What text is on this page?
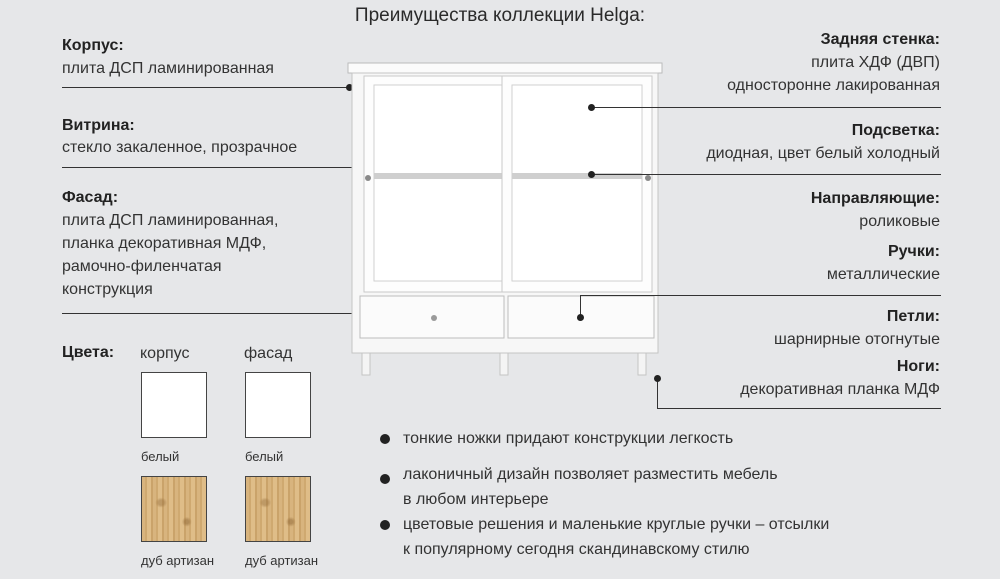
Преимущества коллекции Helga:
Корпус:
плита ДСП ламинированная
Витрина:
стекло закаленное, прозрачное
Фасад:
плита ДСП ламинированная,
планка декоративная МДФ,
рамочно-филенчатая
конструкция
Задняя стенка:
плита ХДФ (ДВП)
односторонне лакированная
Подсветка:
диодная, цвет белый холодный
Направляющие:
роликовые
Ручки:
металлические
Петли:
шарнирные отогнутые
Ноги:
декоративная планка МДФ
Цвета: корпус	фасад
белый	белый
дуб артизан дуб артизан
тонкие ножки придают конструкции легкость
лаконичный дизайн позволяет разместить мебель
в любом интерьере
цветовые решения и маленькие круглые ручки – отсылки
к популярному сегодня скандинавскому стилю
